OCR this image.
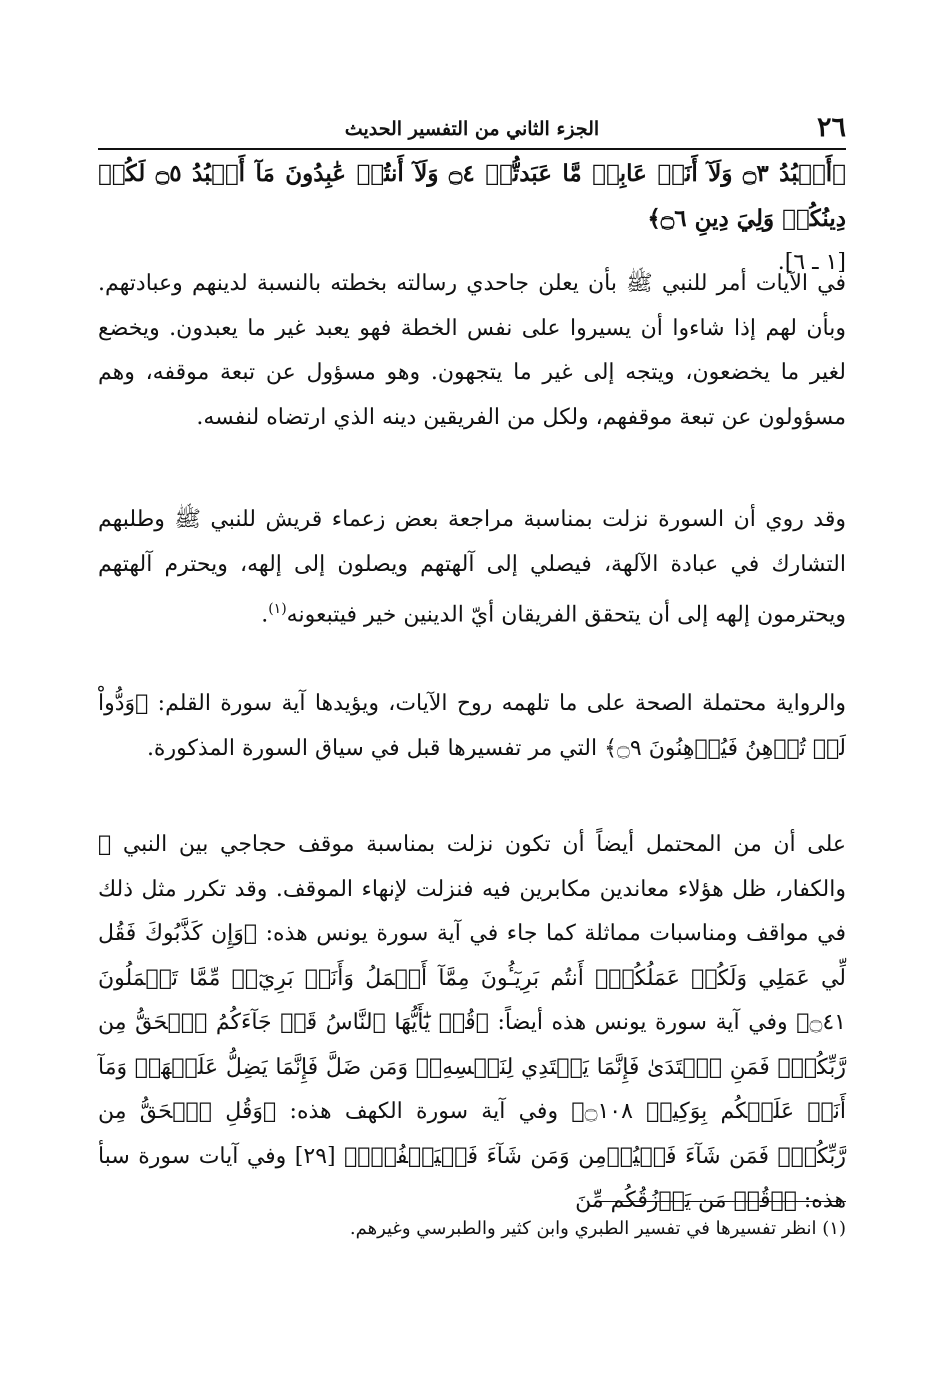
٢٦
الجزء الثاني من التفسير الحديث
﴿أَعۡبُدُ ۝٣ وَلَآ أَنَا۠ عَابِدٞ مَّا عَبَدتُّمۡ ۝٤ وَلَآ أَنتُمۡ عَٰبِدُونَ مَآ أَعۡبُدُ ۝٥ لَكُمۡ دِينُكُمۡ وَلِيَ دِينِ ۝٦﴾
[١ ـ ٦].
في الآيات أمر للنبي ﷺ بأن يعلن جاحدي رسالته بخطته بالنسبة لدينهم وعبادتهم. وبأن لهم إذا شاءوا أن يسيروا على نفس الخطة فهو يعبد غير ما يعبدون. ويخضع لغير ما يخضعون، ويتجه إلى غير ما يتجهون. وهو مسؤول عن تبعة موقفه، وهم مسؤولون عن تبعة موقفهم، ولكل من الفريقين دينه الذي ارتضاه لنفسه.
وقد روي أن السورة نزلت بمناسبة مراجعة بعض زعماء قريش للنبي ﷺ وطلبهم التشارك في عبادة الآلهة، فيصلي إلى آلهتهم ويصلون إلى إلهه، ويحترم آلهتهم ويحترمون إلهه إلى أن يتحقق الفريقان أيّ الدينين خير فيتبعونه$^{(١)}$.
والرواية محتملة الصحة على ما تلهمه روح الآيات، ويؤيدها آية سورة القلم: ﴿وَدُّواْ لَوۡ تُدۡهِنُ فَيُدۡهِنُونَ ۝٩﴾ التي مر تفسيرها قبل في سياق السورة المذكورة.
على أن من المحتمل أيضاً أن تكون نزلت بمناسبة موقف حجاجي بين النبي ﷺ والكفار، ظل هؤلاء معاندين مكابرين فيه فنزلت لإنهاء الموقف. وقد تكرر مثل ذلك في مواقف ومناسبات مماثلة كما جاء في آية سورة يونس هذه: ﴿وَإِن كَذَّبُوكَ فَقُل لِّي عَمَلِي وَلَكُمۡ عَمَلُكُمۡۖ أَنتُم بَرِيٓـُٔونَ مِمَّآ أَعۡمَلُ وَأَنَا۠ بَرِيٓءٞ مِّمَّا تَعۡمَلُونَ ۝٤١﴾ وفي آية سورة يونس هذه أيضاً: ﴿قُلۡ يَٰٓأَيُّهَا ٱلنَّاسُ قَدۡ جَآءَكُمُ ٱلۡحَقُّ مِن رَّبِّكُمۡۖ فَمَنِ ٱهۡتَدَىٰ فَإِنَّمَا يَهۡتَدِي لِنَفۡسِهِۦۖ وَمَن ضَلَّ فَإِنَّمَا يَضِلُّ عَلَيۡهَاۖ وَمَآ أَنَا۠ عَلَيۡكُم بِوَكِيلٖ ۝١٠٨﴾ وفي آية سورة الكهف هذه: ﴿وَقُلِ ٱلۡحَقُّ مِن رَّبِّكُمۡۖ فَمَن شَآءَ فَلۡيُؤۡمِن وَمَن شَآءَ فَلۡيَكۡفُرۡۚ﴾ [٢٩] وفي آيات سورة سبأ هذه: ﴿۞قُلۡ مَن يَرۡزُقُكُم مِّنَ
(١) انظر تفسيرها في تفسير الطبري وابن كثير والطبرسي وغيرهم.
